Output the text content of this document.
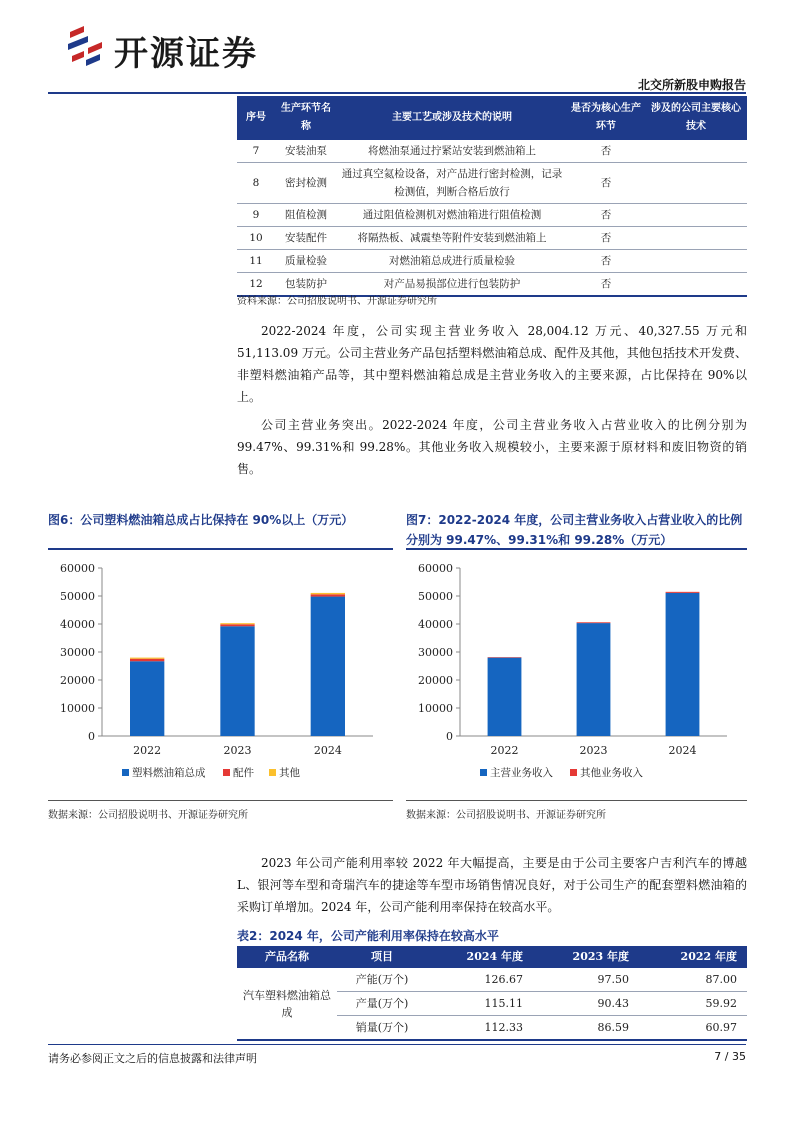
开源证券
北交所新股申购报告
序号	生产环节名称	主要工艺或涉及技术的说明	是否为核心生产环节	涉及的公司主要核心技术
7	安装油泵	将燃油泵通过拧紧站安装到燃油箱上	否	
8	密封检测	通过真空氦检设备，对产品进行密封检测，记录检测值，判断合格后放行	否	
9	阻值检测	通过阻值检测机对燃油箱进行阻值检测	否	
10	安装配件	将隔热板、减震垫等附件安装到燃油箱上	否	
11	质量检验	对燃油箱总成进行质量检验	否	
12	包装防护	对产品易损部位进行包装防护	否	
资料来源：公司招股说明书、开源证券研究所
2022-2024 年度，公司实现主营业务收入 28,004.12 万元、40,327.55 万元和 51,113.09 万元。公司主营业务产品包括塑料燃油箱总成、配件及其他，其他包括技术开发费、非塑料燃油箱产品等，其中塑料燃油箱总成是主营业务收入的主要来源，占比保持在 90%以上。
公司主营业务突出。2022-2024 年度，公司主营业务收入占营业收入的比例分别为 99.47%、99.31%和 99.28%。其他业务收入规模较小，主要来源于原材料和废旧物资的销售。
图6：公司塑料燃油箱总成占比保持在 90%以上（万元）
0
10000
20000
30000
40000
50000
60000
2022	2023	2024
塑料燃油箱总成	配件 其他
数据来源：公司招股说明书、开源证券研究所
图7：2022-2024 年度，公司主营业务收入占营业收入的比例分别为 99.47%、99.31%和 99.28%（万元）
0
10000
20000
30000
40000
50000
60000
2022	2023	2024
主营业务收入	其他业务收入
数据来源：公司招股说明书、开源证券研究所
2023 年公司产能利用率较 2022 年大幅提高，主要是由于公司主要客户吉利汽车的博越 L、银河等车型和奇瑞汽车的捷途等车型市场销售情况良好，对于公司生产的配套塑料燃油箱的采购订单增加。2024 年，公司产能利用率保持在较高水平。
表2：2024 年，公司产能利用率保持在较高水平
产品名称	项目	2024 年度	2023 年度	2022 年度
汽车塑料燃油箱总成	产能(万个)	126.67	97.50	87.00
	产量(万个)	115.11	90.43	59.92
	销量(万个)	112.33	86.59	60.97
请务必参阅正文之后的信息披露和法律声明	7 / 35
